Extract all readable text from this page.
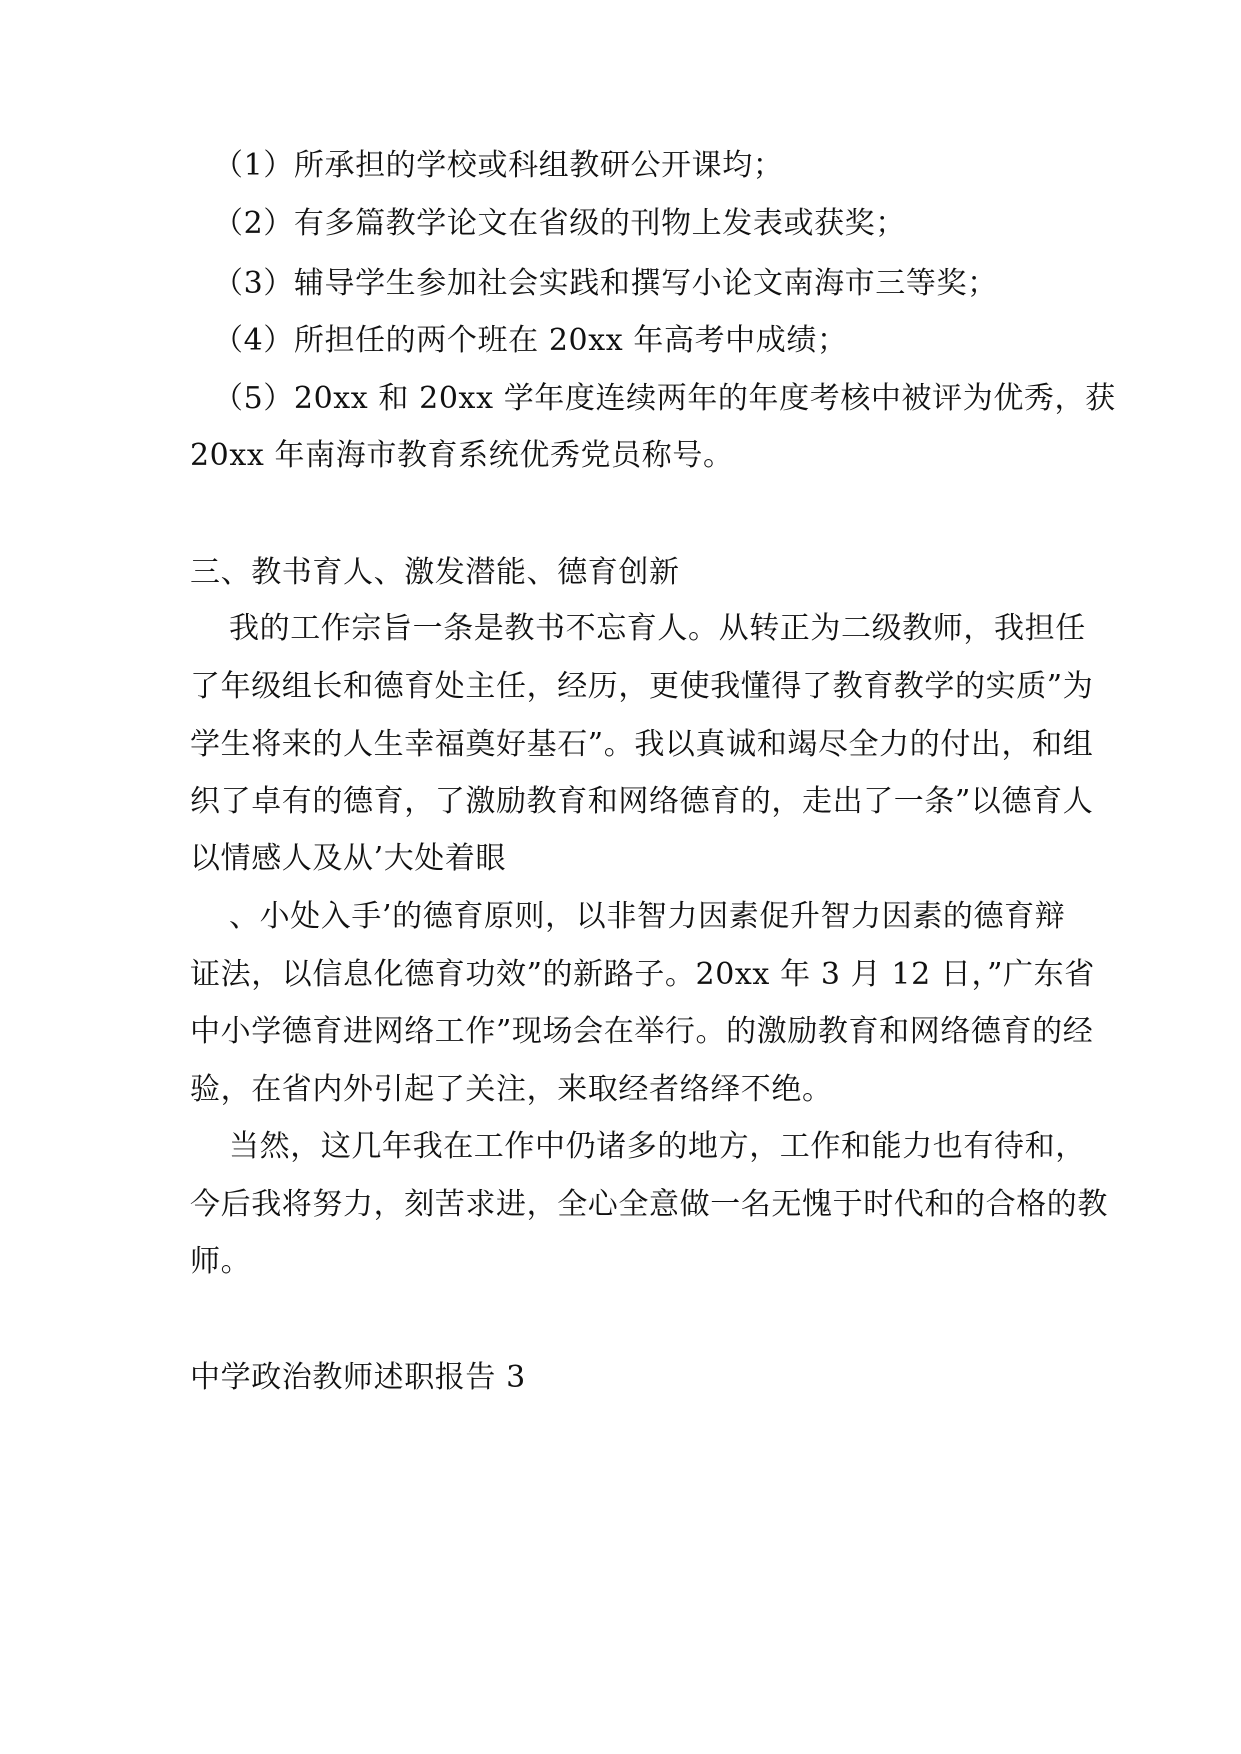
（1）所承担的学校或科组教研公开课均；
（2）有多篇教学论文在省级的刊物上发表或获奖；
（3）辅导学生参加社会实践和撰写小论文南海市三等奖；
（4）所担任的两个班在 20xx 年高考中成绩；
（5）20xx 和 20xx 学年度连续两年的年度考核中被评为优秀，获
20xx 年南海市教育系统优秀党员称号。
三、教书育人、激发潜能、德育创新
我的工作宗旨一条是教书不忘育人。从转正为二级教师，我担任
了年级组长和德育处主任，经历，更使我懂得了教育教学的实质”为
学生将来的人生幸福奠好基石”。我以真诚和竭尽全力的付出，和组
织了卓有的德育，了激励教育和网络德育的，走出了一条”以德育人
以情感人及从’大处着眼
、小处入手’的德育原则，以非智力因素促升智力因素的德育辩
证法，以信息化德育功效”的新路子。20xx 年 3 月 12 日，”广东省
中小学德育进网络工作”现场会在举行。的激励教育和网络德育的经
验，在省内外引起了关注，来取经者络绎不绝。
当然，这几年我在工作中仍诸多的地方，工作和能力也有待和，
今后我将努力，刻苦求进，全心全意做一名无愧于时代和的合格的教
师。
中学政治教师述职报告 3
